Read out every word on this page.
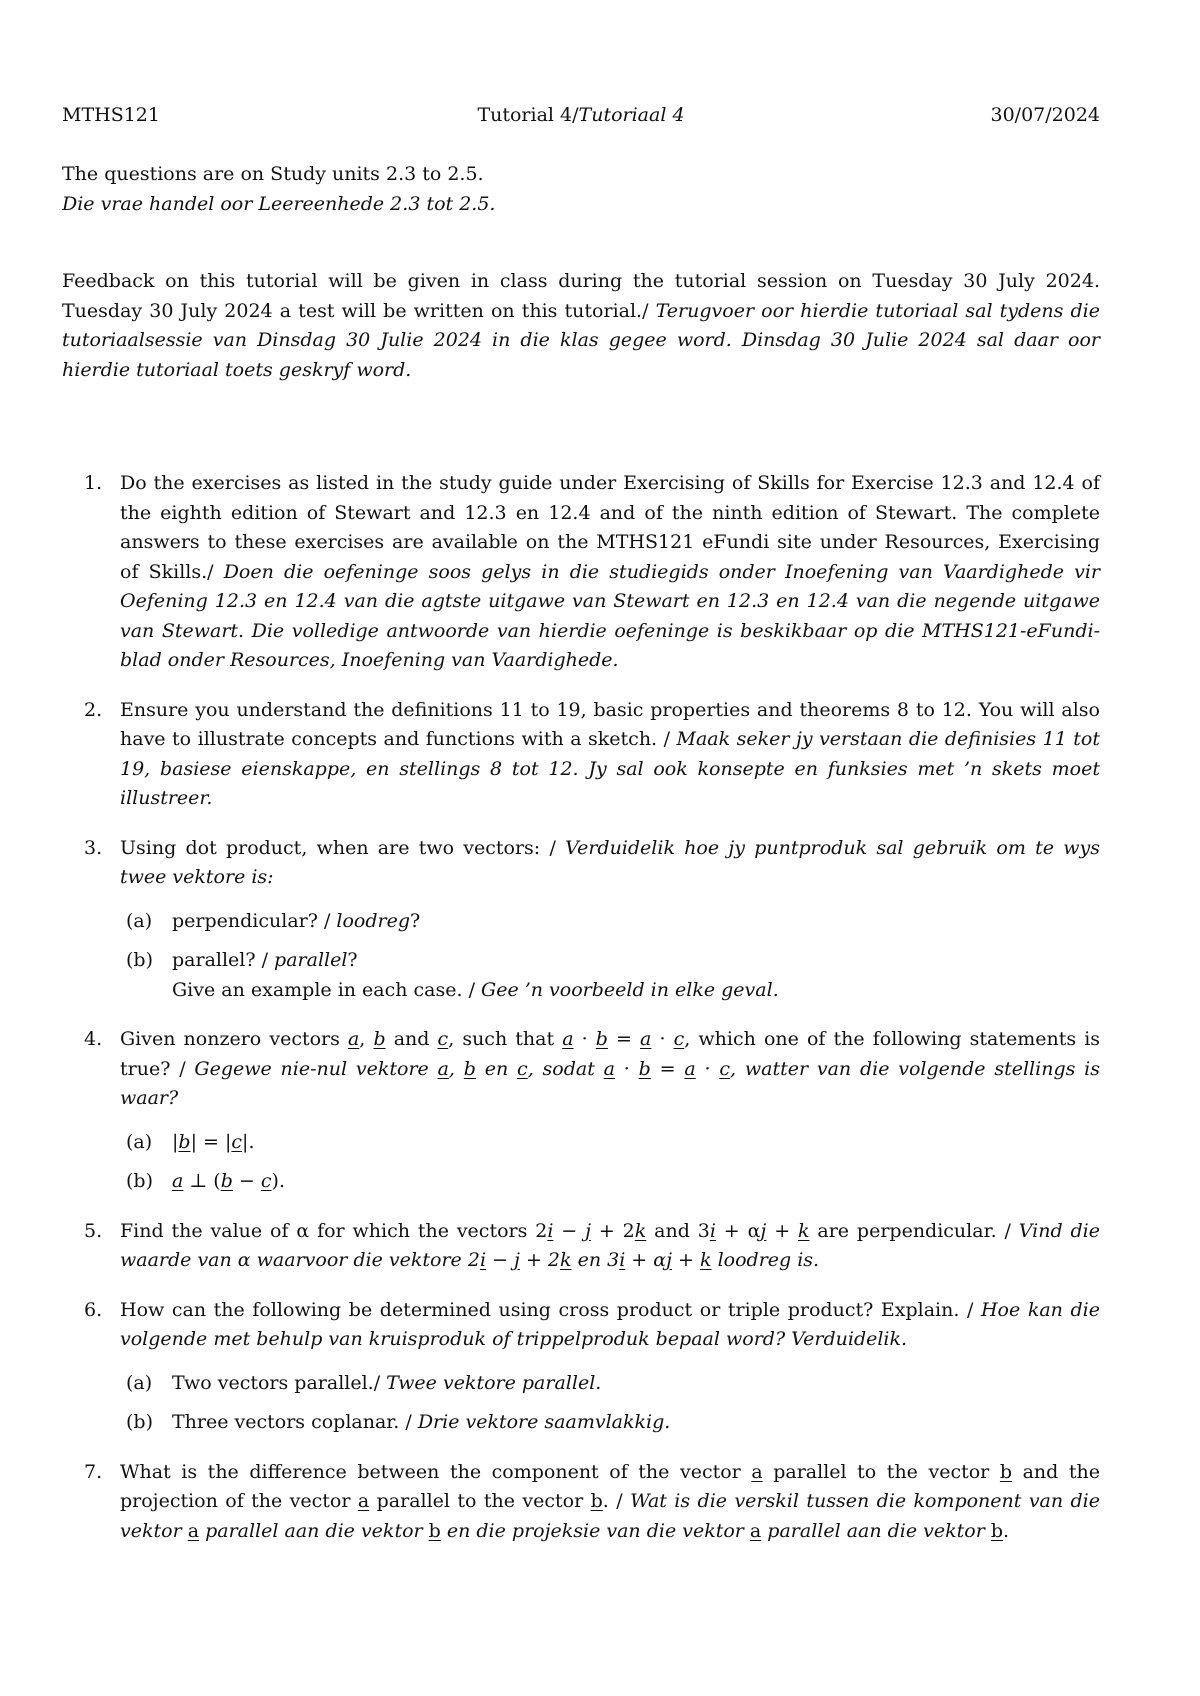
MTHS121	Tutorial 4/Tutoriaal 4	30/07/2024

The questions are on Study units 2.3 to 2.5.

Die vrae handel oor Leereenhede 2.3 tot 2.5.

Feedback on this tutorial will be given in class during the tutorial session on Tuesday 30 July 2024. Tuesday 30 July 2024 a test will be written on this tutorial./ Terugvoer oor hierdie tutoriaal sal tydens die tutoriaalsessie van Dinsdag 30 Julie 2024 in die klas gegee word. Dinsdag 30 Julie 2024 sal daar oor hierdie tutoriaal toets geskryf word.

1. Do the exercises as listed in the study guide under Exercising of Skills for Exercise 12.3 and 12.4 of the eighth edition of Stewart and 12.3 en 12.4 and of the ninth edition of Stewart. The complete answers to these exercises are available on the MTHS121 eFundi site under Resources, Exercising of Skills./ Doen die oefeninge soos gelys in die studiegids onder Inoefening van Vaardighede vir Oefening 12.3 en 12.4 van die agtste uitgawe van Stewart en 12.3 en 12.4 van die negende uitgawe van Stewart. Die volledige antwoorde van hierdie oefeninge is beskikbaar op die MTHS121-eFundi-blad onder Resources, Inoefening van Vaardighede.
2. Ensure you understand the definitions 11 to 19, basic properties and theorems 8 to 12. You will also have to illustrate concepts and functions with a sketch. / Maak seker jy verstaan die definisies 11 tot 19, basiese eienskappe, en stellings 8 tot 12. Jy sal ook konsepte en funksies met ’n skets moet illustreer.
3. Using dot product, when are two vectors: / Verduidelik hoe jy puntproduk sal gebruik om te wys twee vektore is:
(a) perpendicular? / loodreg?
(b) parallel? / parallel?
Give an example in each case. / Gee ’n voorbeeld in elke geval.
4. Given nonzero vectors a, b and c, such that a · b = a · c, which one of the following statements is true? / Gegewe nie-nul vektore a, b en c, sodat a · b = a · c, watter van die volgende stellings is waar?
(a) |b| = |c|.
(b) a ⊥ (b − c).
5. Find the value of α for which the vectors 2i − j + 2k and 3i + αj + k are perpendicular. / Vind die waarde van α waarvoor die vektore 2i − j + 2k en 3i + αj + k loodreg is.
6. How can the following be determined using cross product or triple product? Explain. / Hoe kan die volgende met behulp van kruisproduk of trippelproduk bepaal word? Verduidelik.
(a) Two vectors parallel./ Twee vektore parallel.
(b) Three vectors coplanar. / Drie vektore saamvlakkig.
7. What is the difference between the component of the vector a parallel to the vector b and the projection of the vector a parallel to the vector b. / Wat is die verskil tussen die komponent van die vektor a parallel aan die vektor b en die projeksie van die vektor a parallel aan die vektor b.
